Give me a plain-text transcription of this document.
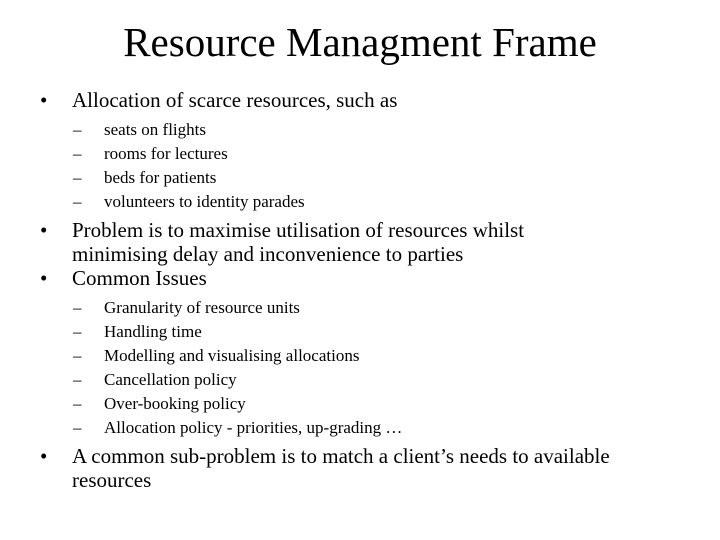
Resource Managment Frame
•	Allocation of scarce resources, such as
– seats on flights
– rooms for lectures
– beds for patients
– volunteers to identity parades
•	Problem is to maximise utilisation of resources whilst
minimising delay and inconvenience to parties
•	Common Issues
– Granularity of resource units
– Handling time
– Modelling and visualising allocations
– Cancellation policy
– Over-booking policy
– Allocation policy - priorities, up-grading …
•	A common sub-problem is to match a client’s needs to available
resources
